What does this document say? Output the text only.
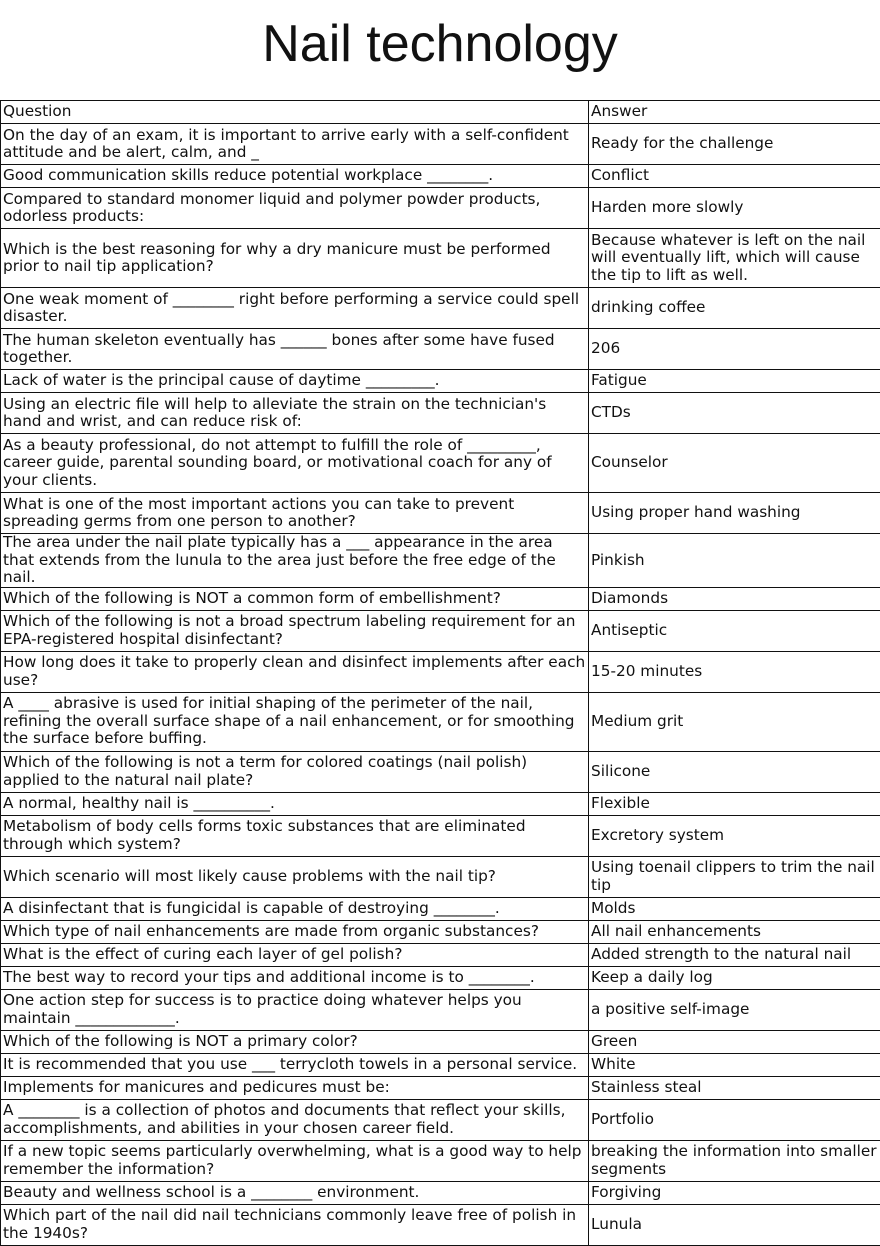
Nail technology
Question	Answer
On the day of an exam, it is important to arrive early with a self-confident attitude and be alert, calm, and _	Ready for the challenge
Good communication skills reduce potential workplace ________.	Conflict
Compared to standard monomer liquid and polymer powder products, odorless products:	Harden more slowly
Which is the best reasoning for why a dry manicure must be performed prior to nail tip application?	Because whatever is left on the nail will eventually lift, which will cause the tip to lift as well.
One weak moment of ________ right before performing a service could spell disaster.	drinking coffee
The human skeleton eventually has ______ bones after some have fused together.	206
Lack of water is the principal cause of daytime _________.	Fatigue
Using an electric file will help to alleviate the strain on the technician's hand and wrist, and can reduce risk of:	CTDs
As a beauty professional, do not attempt to fulfill the role of _________, career guide, parental sounding board, or motivational coach for any of your clients.	Counselor
What is one of the most important actions you can take to prevent spreading germs from one person to another?	Using proper hand washing
The area under the nail plate typically has a ___ appearance in the area that extends from the lunula to the area just before the free edge of the nail.	Pinkish
Which of the following is NOT a common form of embellishment?	Diamonds
Which of the following is not a broad spectrum labeling requirement for an EPA-registered hospital disinfectant?	Antiseptic
How long does it take to properly clean and disinfect implements after each use?	15-20 minutes
A ____ abrasive is used for initial shaping of the perimeter of the nail, refining the overall surface shape of a nail enhancement, or for smoothing the surface before buffing.	Medium grit
Which of the following is not a term for colored coatings (nail polish) applied to the natural nail plate?	Silicone
A normal, healthy nail is __________.	Flexible
Metabolism of body cells forms toxic substances that are eliminated through which system?	Excretory system
Which scenario will most likely cause problems with the nail tip?	Using toenail clippers to trim the nail tip
A disinfectant that is fungicidal is capable of destroying ________.	Molds
Which type of nail enhancements are made from organic substances?	All nail enhancements
What is the effect of curing each layer of gel polish?	Added strength to the natural nail
The best way to record your tips and additional income is to ________.	Keep a daily log
One action step for success is to practice doing whatever helps you maintain _____________.	a positive self-image
Which of the following is NOT a primary color?	Green
It is recommended that you use ___ terrycloth towels in a personal service.	White
Implements for manicures and pedicures must be:	Stainless steal
A ________ is a collection of photos and documents that reflect your skills, accomplishments, and abilities in your chosen career field.	Portfolio
If a new topic seems particularly overwhelming, what is a good way to help remember the information?	breaking the information into smaller segments
Beauty and wellness school is a ________ environment.	Forgiving
Which part of the nail did nail technicians commonly leave free of polish in the 1940s?	Lunula
